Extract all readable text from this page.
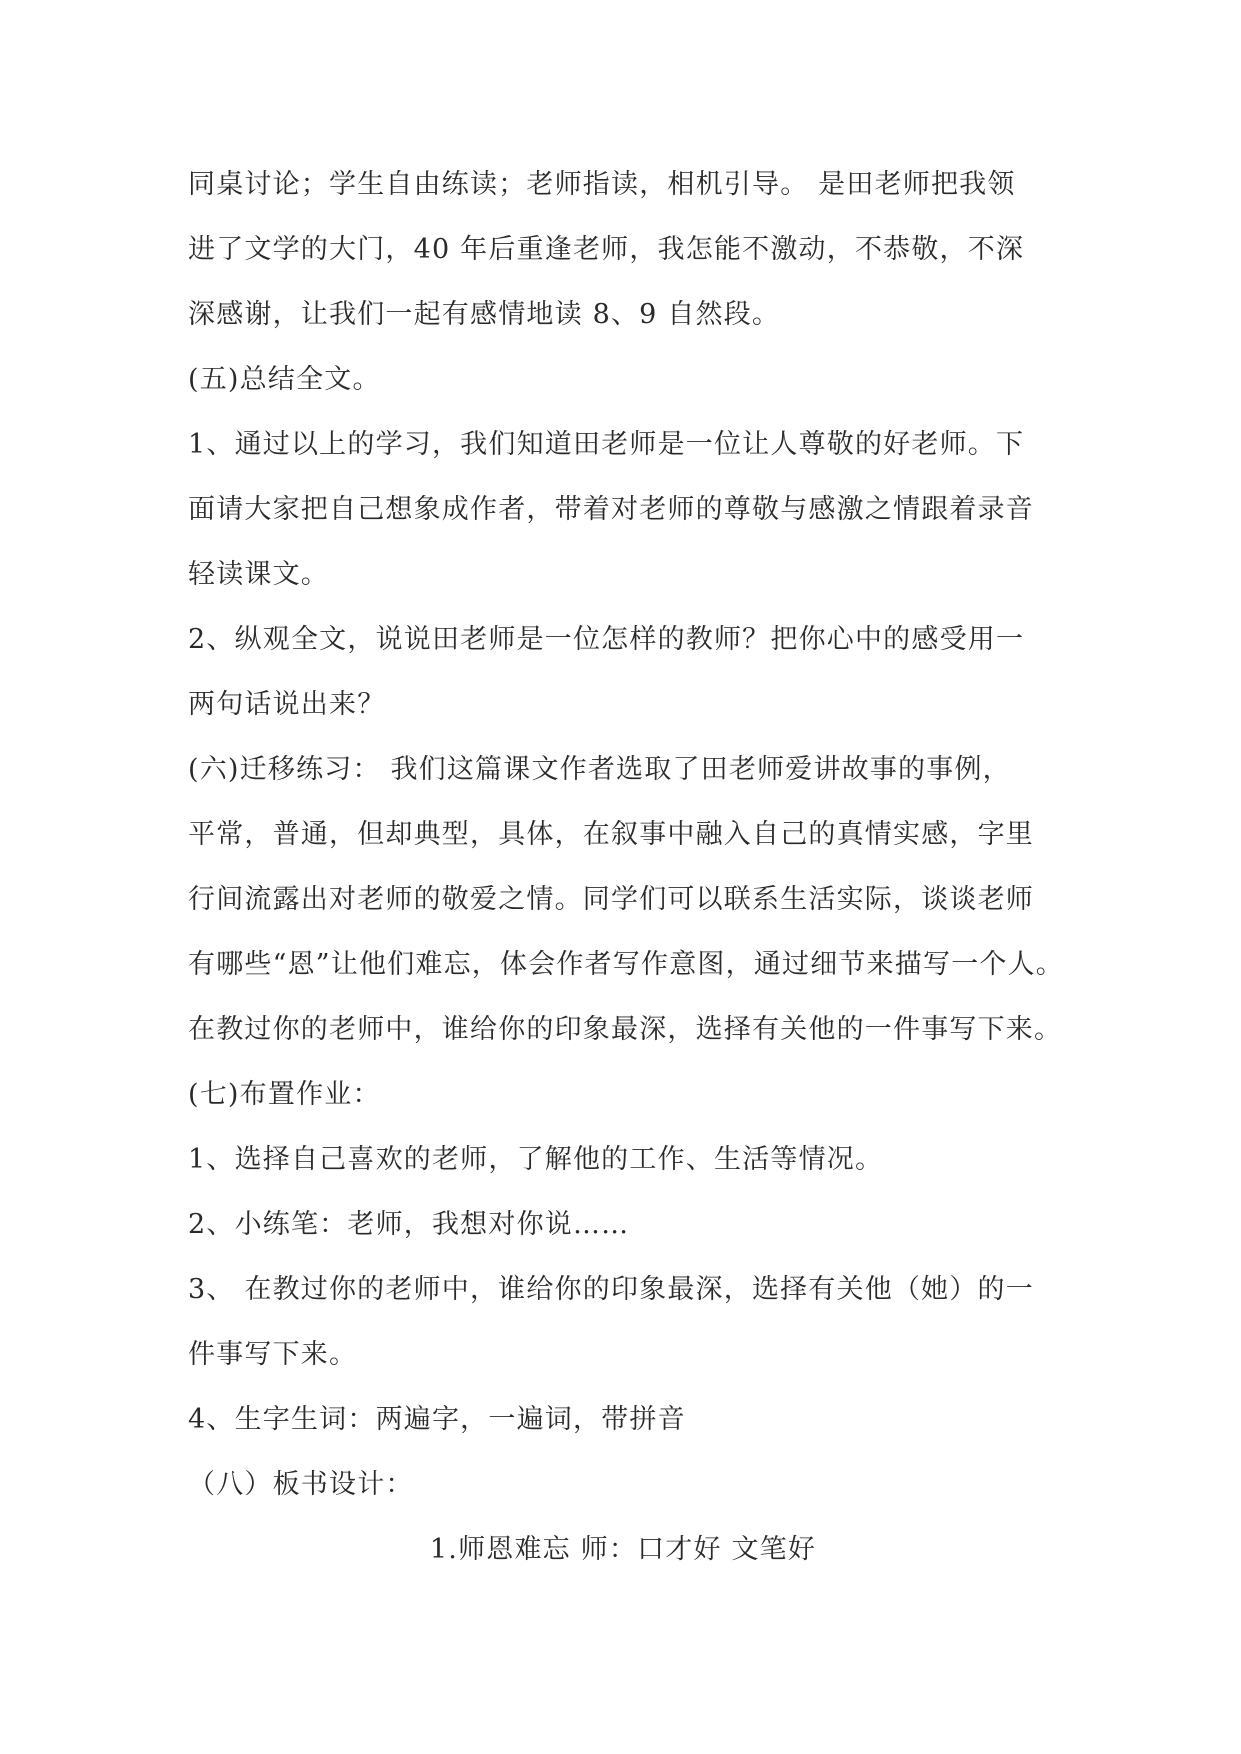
同桌讨论；学生自由练读；老师指读，相机引导。 是田老师把我领
进了文学的大门，40 年后重逢老师，我怎能不激动，不恭敬，不深
深感谢，让我们一起有感情地读 8、9 自然段。
(五)总结全文。
1、通过以上的学习，我们知道田老师是一位让人尊敬的好老师。下
面请大家把自己想象成作者，带着对老师的尊敬与感激之情跟着录音
轻读课文。
2、纵观全文，说说田老师是一位怎样的教师？把你心中的感受用一
两句话说出来？
(六)迁移练习： 我们这篇课文作者选取了田老师爱讲故事的事例，
平常，普通，但却典型，具体，在叙事中融入自己的真情实感，字里
行间流露出对老师的敬爱之情。同学们可以联系生活实际，谈谈老师
有哪些“恩”让他们难忘，体会作者写作意图，通过细节来描写一个人。
在教过你的老师中，谁给你的印象最深，选择有关他的一件事写下来。
(七)布置作业：
1、选择自己喜欢的老师，了解他的工作、生活等情况。
2、小练笔：老师，我想对你说……
3、 在教过你的老师中，谁给你的印象最深，选择有关他（她）的一
件事写下来。
4、生字生词：两遍字，一遍词，带拼音
（八）板书设计：
1.师恩难忘 师：口才好 文笔好
